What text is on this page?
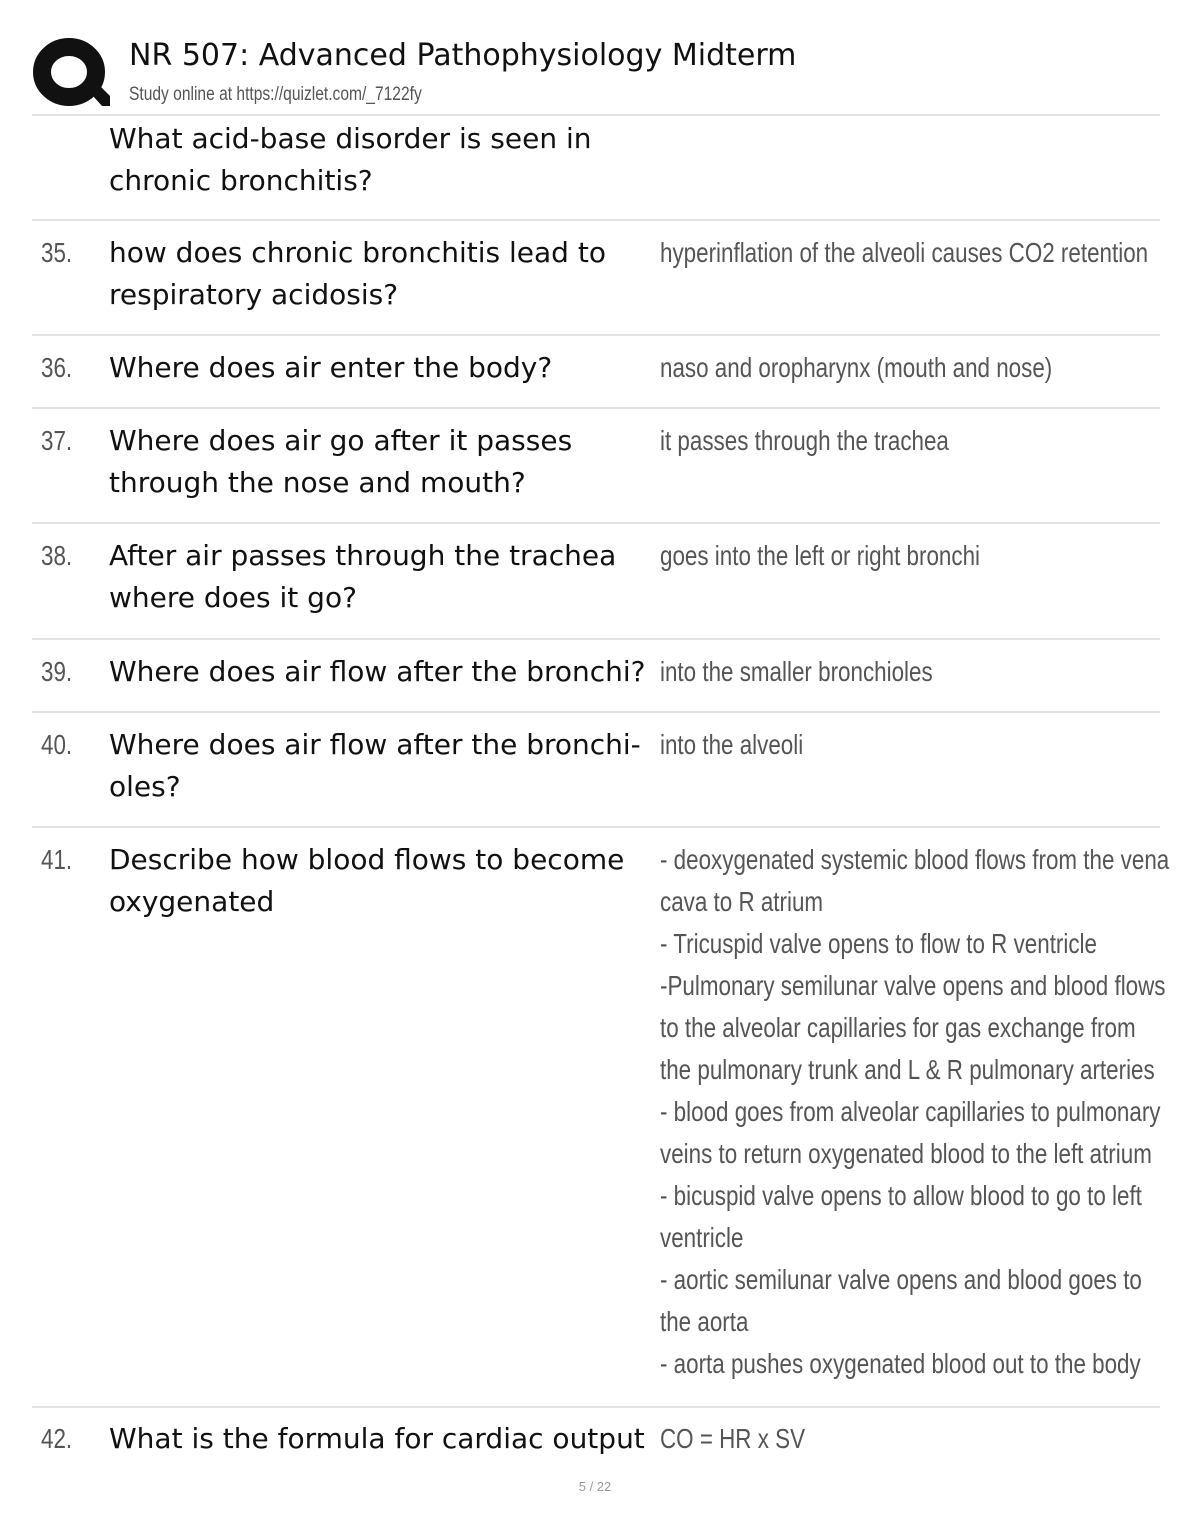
NR 507: Advanced Pathophysiology Midterm
Study online at https://quizlet.com/_7122fy
What acid-base disorder is seen in
chronic bronchitis?
35. how does chronic bronchitis lead to
respiratory acidosis?
hyperinflation of the alveoli causes CO2 retention
36. Where does air enter the body?	naso and oropharynx (mouth and nose)
37. Where does air go after it passes
through the nose and mouth?
it passes through the trachea
38. After air passes through the trachea
where does it go?
goes into the left or right bronchi
39. Where does air flow after the bronchi? into the smaller bronchioles
40. Where does air flow after the bronchi-
oles?
into the alveoli
41. Describe how blood flows to become
oxygenated
- deoxygenated systemic blood flows from the vena
cava to R atrium
- Tricuspid valve opens to flow to R ventricle
-Pulmonary semilunar valve opens and blood flows
to the alveolar capillaries for gas exchange from
the pulmonary trunk and L & R pulmonary arteries
- blood goes from alveolar capillaries to pulmonary
veins to return oxygenated blood to the left atrium
- bicuspid valve opens to allow blood to go to left
ventricle
- aortic semilunar valve opens and blood goes to
the aorta
- aorta pushes oxygenated blood out to the body
42. What is the formula for cardiac output CO = HR x SV
5 / 22
